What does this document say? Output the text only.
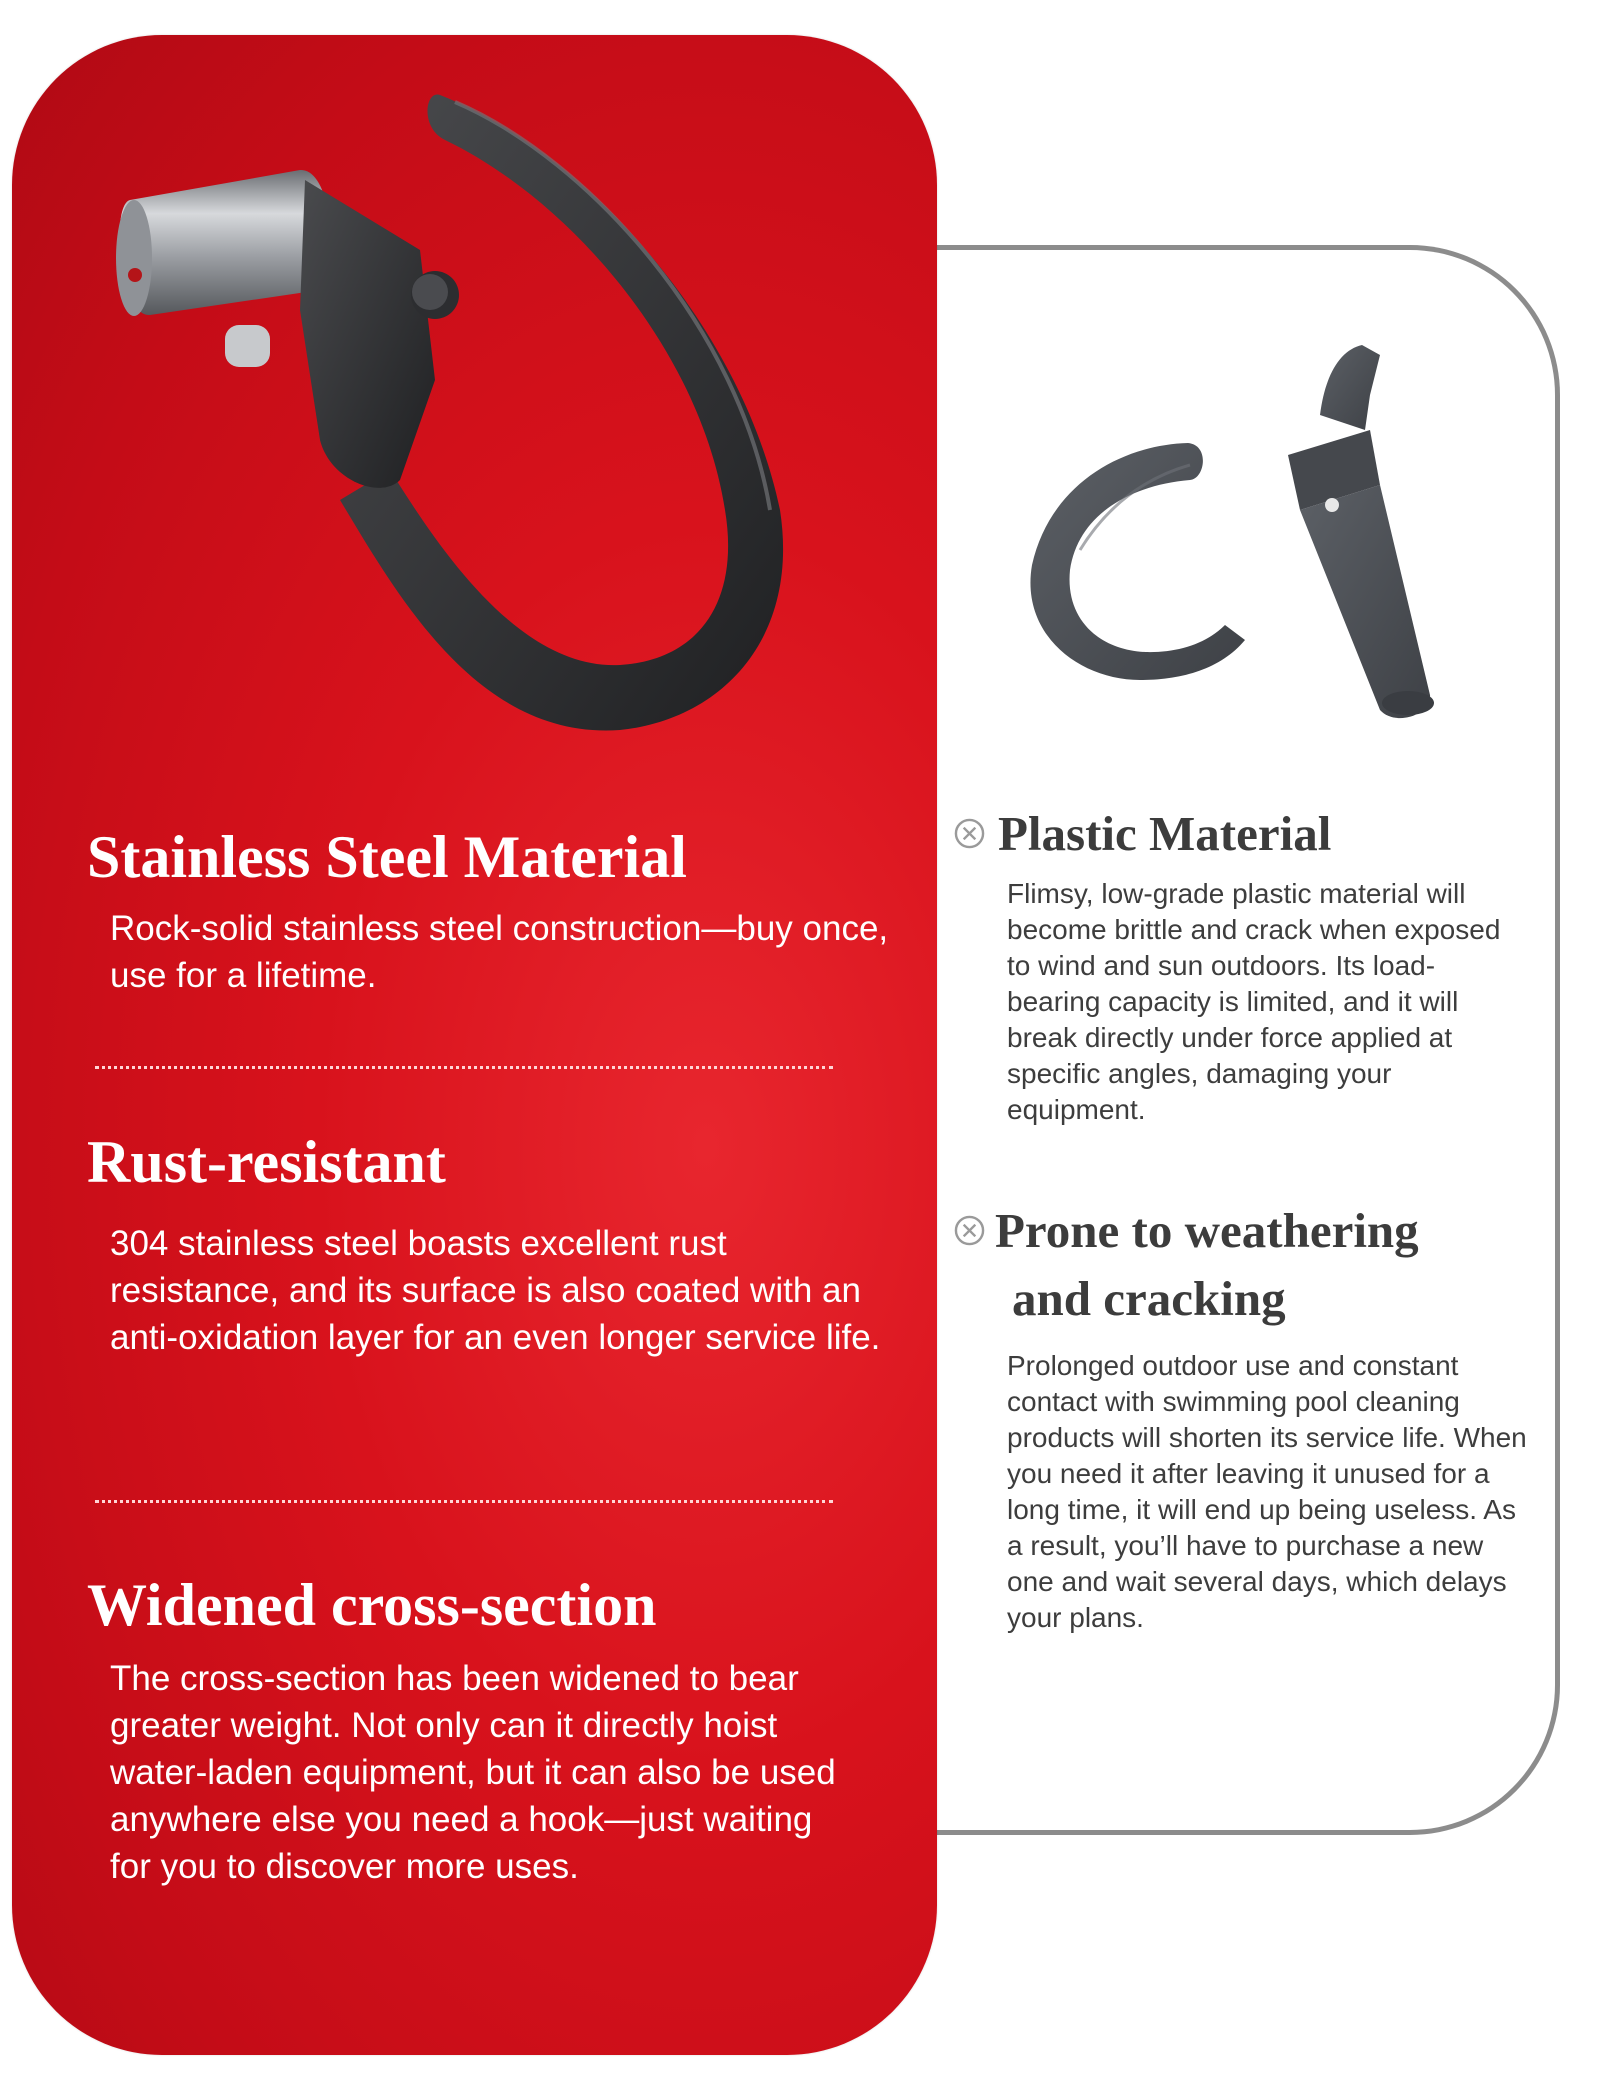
Stainless Steel Material

Rock-solid stainless steel construction—buy once, use for a lifetime.

Rust-resistant

304 stainless steel boasts excellent rust resistance, and its surface is also coated with an anti-oxidation layer for an even longer service life.

Widened cross-section

The cross-section has been widened to bear greater weight. Not only can it directly hoist water-laden equipment, but it can also be used anywhere else you need a hook—just waiting for you to discover more uses.

Plastic Material

Flimsy, low-grade plastic material will become brittle and crack when exposed to wind and sun outdoors. Its load-bearing capacity is limited, and it will break directly under force applied at specific angles, damaging your equipment.

Prone to weathering
and cracking

Prolonged outdoor use and constant contact with swimming pool cleaning products will shorten its service life. When you need it after leaving it unused for a long time, it will end up being useless. As a result, you’ll have to purchase a new one and wait several days, which delays your plans.
